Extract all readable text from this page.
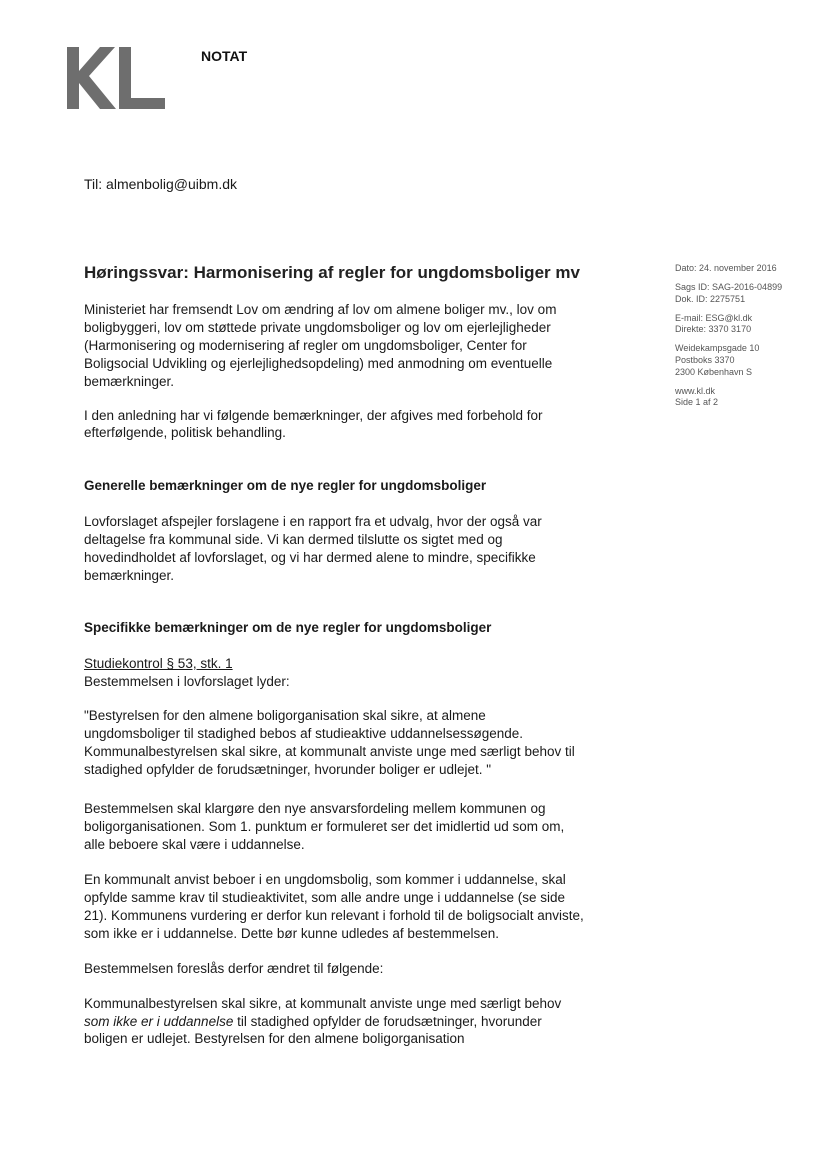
NOTAT
Til: almenbolig@uibm.dk
Dato: 24. november 2016
Sags ID: SAG-2016-04899
Dok. ID: 2275751
E-mail: ESG@kl.dk
Direkte: 3370 3170
Weidekampsgade 10
Postboks 3370
2300 København S
www.kl.dk
Side 1 af 2
Høringssvar: Harmonisering af regler for ungdomsboliger mv

Ministeriet har fremsendt Lov om ændring af lov om almene boliger mv., lov om boligbyggeri, lov om støttede private ungdomsboliger og lov om ejerlejligheder (Harmonisering og modernisering af regler om ungdomsboliger, Center for Boligsocial Udvikling og ejerlejlighedsopdeling) med anmodning om eventuelle bemærkninger.

I den anledning har vi følgende bemærkninger, der afgives med forbehold for efterfølgende, politisk behandling.

Generelle bemærkninger om de nye regler for ungdomsboliger

Lovforslaget afspejler forslagene i en rapport fra et udvalg, hvor der også var deltagelse fra kommunal side. Vi kan dermed tilslutte os sigtet med og hovedindholdet af lovforslaget, og vi har dermed alene to mindre, specifikke bemærkninger.

Specifikke bemærkninger om de nye regler for ungdomsboliger
Studiekontrol § 53, stk. 1
Bestemmelsen i lovforslaget lyder:

"Bestyrelsen for den almene boligorganisation skal sikre, at almene ungdomsboliger til stadighed bebos af studieaktive uddannelsessøgende. Kommunalbestyrelsen skal sikre, at kommunalt anviste unge med særligt behov til stadighed opfylder de forudsætninger, hvorunder boliger er udlejet. "

Bestemmelsen skal klargøre den nye ansvarsfordeling mellem kommunen og boligorganisationen. Som 1. punktum er formuleret ser det imidlertid ud som om, alle beboere skal være i uddannelse.

En kommunalt anvist beboer i en ungdomsbolig, som kommer i uddannelse, skal opfylde samme krav til studieaktivitet, som alle andre unge i uddannelse (se side 21). Kommunens vurdering er derfor kun relevant i forhold til de boligsocialt anviste, som ikke er i uddannelse. Dette bør kunne udledes af bestemmelsen.

Bestemmelsen foreslås derfor ændret til følgende:

Kommunalbestyrelsen skal sikre, at kommunalt anviste unge med særligt behov som ikke er i uddannelse til stadighed opfylder de forudsætninger, hvorunder boligen er udlejet. Bestyrelsen for den almene boligorganisation
